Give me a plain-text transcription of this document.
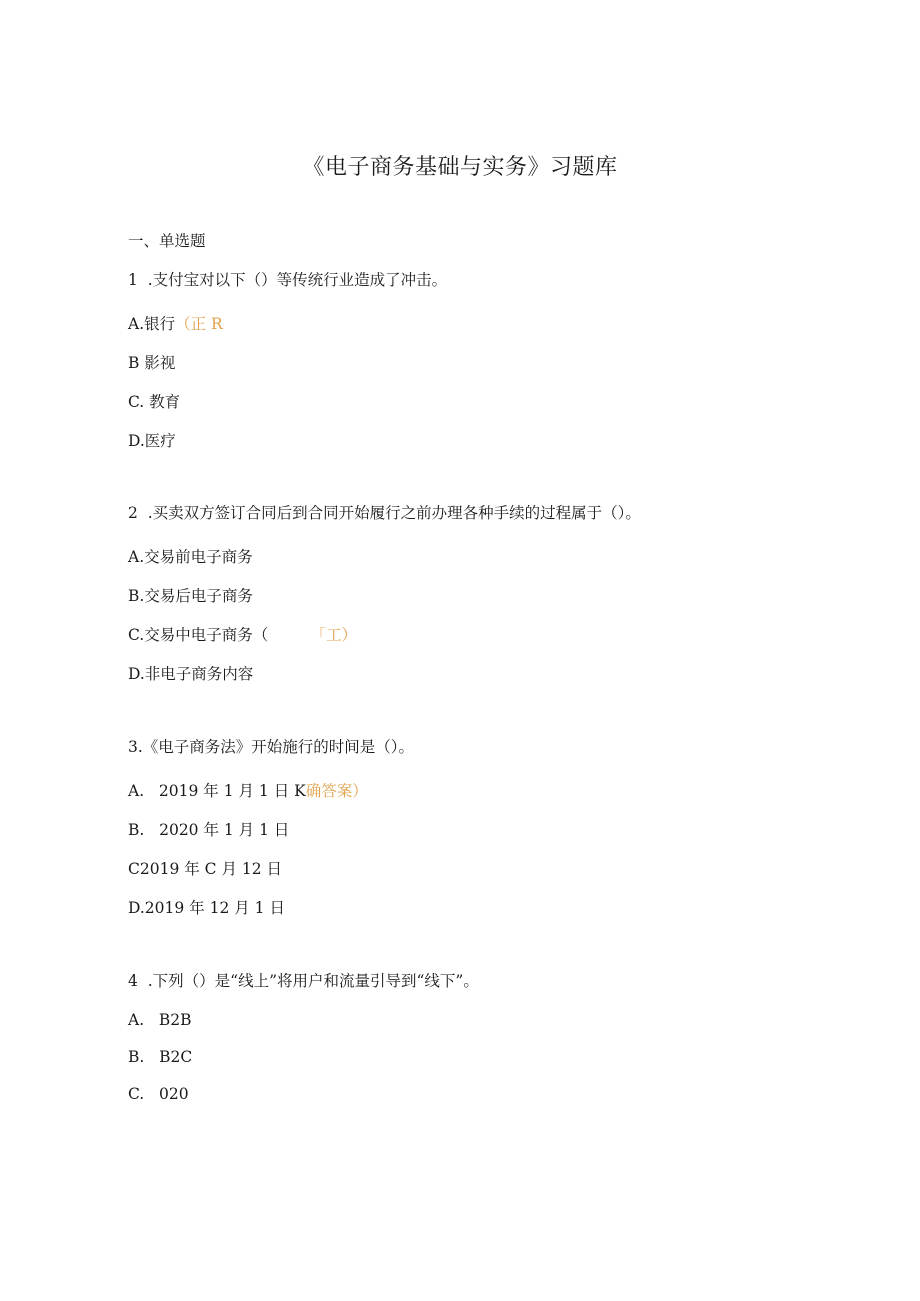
《电子商务基础与实务》习题库
一、单选题
1  .支付宝对以下（）等传统行业造成了冲击。
A.银行（正 R
B 影视
C. 教育
D.医疗
2  .买卖双方签订合同后到合同开始履行之前办理各种手续的过程属于（）。
A.交易前电子商务
B.交易后电子商务
C.交易中电子商务（	「工）
D.非电子商务内容
3.《电子商务法》开始施行的时间是（）。
A.   2019 年 1 月 1 日 K确答案）
B.   2020 年 1 月 1 日
C2019 年 C 月 12 日
D.2019 年 12 月 1 日
4  .下列（）是“线上”将用户和流量引导到“线下”。
A.   B2B
B.   B2C
C.   020
